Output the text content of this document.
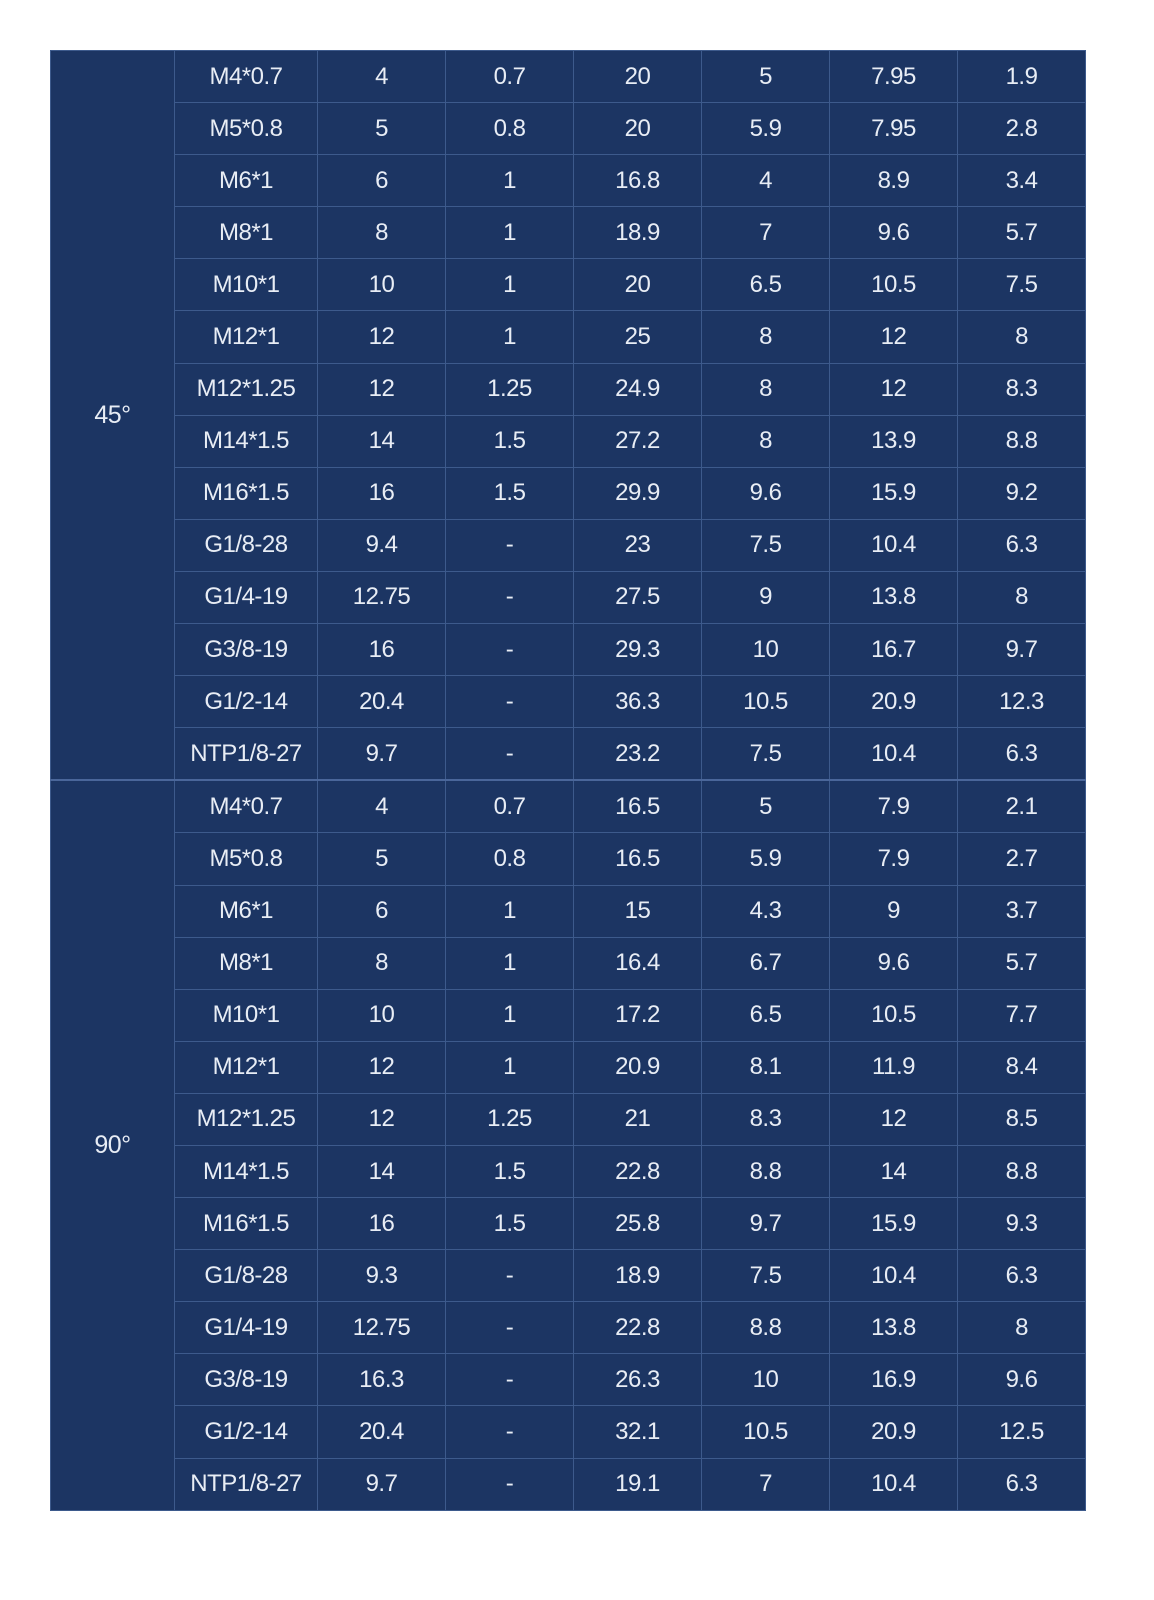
45°	M4*0.7	4	0.7	20	5	7.95	1.9
	M5*0.8	5	0.8	20	5.9	7.95	2.8
	M6*1	6	1	16.8	4	8.9	3.4
	M8*1	8	1	18.9	7	9.6	5.7
	M10*1	10	1	20	6.5	10.5	7.5
	M12*1	12	1	25	8	12	8
	M12*1.25	12	1.25	24.9	8	12	8.3
	M14*1.5	14	1.5	27.2	8	13.9	8.8
	M16*1.5	16	1.5	29.9	9.6	15.9	9.2
	G1/8-28	9.4	-	23	7.5	10.4	6.3
	G1/4-19	12.75	-	27.5	9	13.8	8
	G3/8-19	16	-	29.3	10	16.7	9.7
	G1/2-14	20.4	-	36.3	10.5	20.9	12.3
	NTP1/8-27	9.7	-	23.2	7.5	10.4	6.3
90°	M4*0.7	4	0.7	16.5	5	7.9	2.1
	M5*0.8	5	0.8	16.5	5.9	7.9	2.7
	M6*1	6	1	15	4.3	9	3.7
	M8*1	8	1	16.4	6.7	9.6	5.7
	M10*1	10	1	17.2	6.5	10.5	7.7
	M12*1	12	1	20.9	8.1	11.9	8.4
	M12*1.25	12	1.25	21	8.3	12	8.5
	M14*1.5	14	1.5	22.8	8.8	14	8.8
	M16*1.5	16	1.5	25.8	9.7	15.9	9.3
	G1/8-28	9.3	-	18.9	7.5	10.4	6.3
	G1/4-19	12.75	-	22.8	8.8	13.8	8
	G3/8-19	16.3	-	26.3	10	16.9	9.6
	G1/2-14	20.4	-	32.1	10.5	20.9	12.5
	NTP1/8-27	9.7	-	19.1	7	10.4	6.3
